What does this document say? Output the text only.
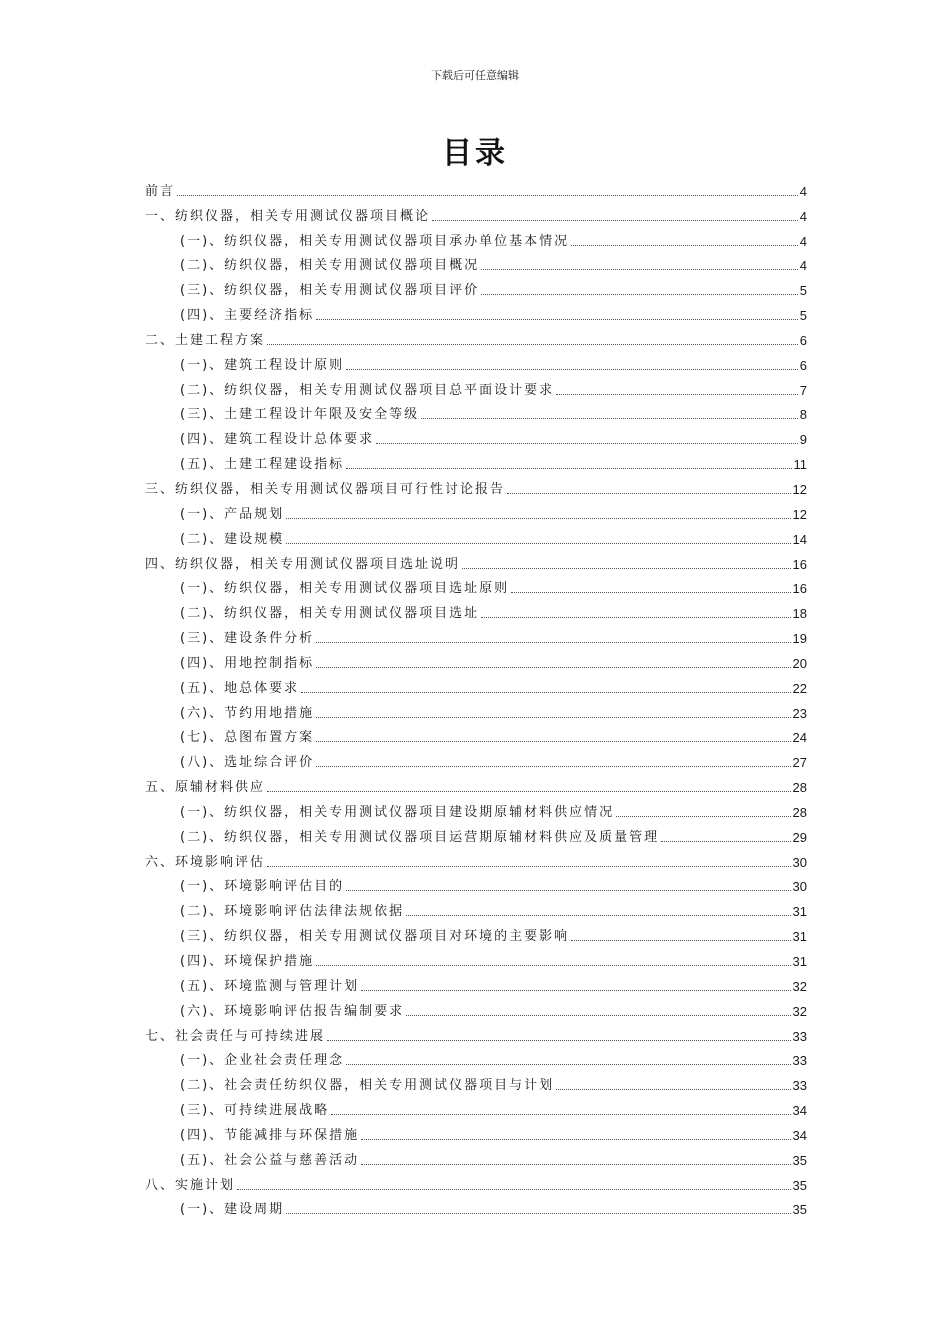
下载后可任意编辑
目录
前言	4
一、纺织仪器，相关专用测试仪器项目概论	4
(一)、纺织仪器，相关专用测试仪器项目承办单位基本情况	4
(二)、纺织仪器，相关专用测试仪器项目概况	4
(三)、纺织仪器，相关专用测试仪器项目评价	5
(四)、主要经济指标	5
二、土建工程方案	6
(一)、建筑工程设计原则	6
(二)、纺织仪器，相关专用测试仪器项目总平面设计要求	7
(三)、土建工程设计年限及安全等级	8
(四)、建筑工程设计总体要求	9
(五)、土建工程建设指标	11
三、纺织仪器，相关专用测试仪器项目可行性讨论报告	12
(一)、产品规划	12
(二)、建设规模	14
四、纺织仪器，相关专用测试仪器项目选址说明	16
(一)、纺织仪器，相关专用测试仪器项目选址原则	16
(二)、纺织仪器，相关专用测试仪器项目选址	18
(三)、建设条件分析	19
(四)、用地控制指标	20
(五)、地总体要求	22
(六)、节约用地措施	23
(七)、总图布置方案	24
(八)、选址综合评价	27
五、原辅材料供应	28
(一)、纺织仪器，相关专用测试仪器项目建设期原辅材料供应情况	28
(二)、纺织仪器，相关专用测试仪器项目运营期原辅材料供应及质量管理	29
六、环境影响评估	30
(一)、环境影响评估目的	30
(二)、环境影响评估法律法规依据	31
(三)、纺织仪器，相关专用测试仪器项目对环境的主要影响	31
(四)、环境保护措施	31
(五)、环境监测与管理计划	32
(六)、环境影响评估报告编制要求	32
七、社会责任与可持续进展	33
(一)、企业社会责任理念	33
(二)、社会责任纺织仪器，相关专用测试仪器项目与计划	33
(三)、可持续进展战略	34
(四)、节能减排与环保措施	34
(五)、社会公益与慈善活动	35
八、实施计划	35
(一)、建设周期	35
